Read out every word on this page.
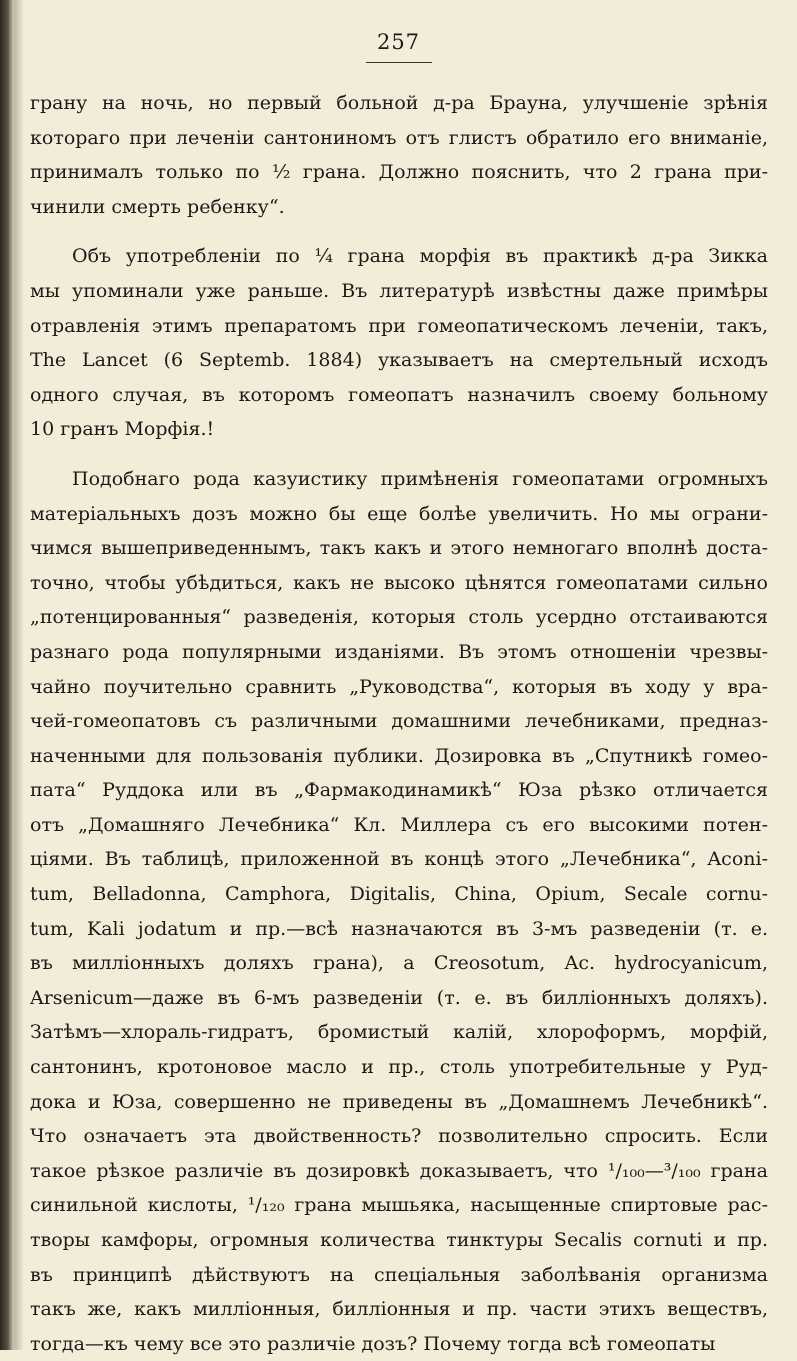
257
грану на ночь, но первый больной д-ра Брауна, улучшеніе зрѣнія
котораго при леченіи сантониномъ отъ глистъ обратило его вниманіе,
принималъ только по ½ грана. Должно пояснить, что 2 грана при-
чинили смерть ребенку“.
Объ употребленіи по ¼ грана морфія въ практикѣ д-ра Зикка
мы упоминали уже раньше. Въ литературѣ извѣстны даже примѣры
отравленія этимъ препаратомъ при гомеопатическомъ леченіи, такъ,
The Lancet (6 Septemb. 1884) указываетъ на смертельный исходъ
одного случая, въ которомъ гомеопатъ назначилъ своему больному
10 гранъ Морфія.!
Подобнаго рода казуистику примѣненія гомеопатами огромныхъ
матеріальныхъ дозъ можно бы еще болѣе увеличить. Но мы ограни-
чимся вышеприведеннымъ, такъ какъ и этого немногаго вполнѣ доста-
точно, чтобы убѣдиться, какъ не высоко цѣнятся гомеопатами сильно
„потенцированныя“ разведенія, которыя столь усердно отстаиваются
разнаго рода популярными изданіями. Въ этомъ отношеніи чрезвы-
чайно поучительно сравнить „Руководства“, которыя въ ходу у вра-
чей-гомеопатовъ съ различными домашними лечебниками, предназ-
наченными для пользованія публики. Дозировка въ „Спутникѣ гомео-
пата“ Руддока или въ „Фармакодинамикѣ“ Юза рѣзко отличается
отъ „Домашняго Лечебника“ Кл. Миллера съ его высокими потен-
ціями. Въ таблицѣ, приложенной въ концѣ этого „Лечебника“, Aconi-
tum, Belladonna, Camphora, Digitalis, China, Opium, Secale cornu-
tum, Kali jodatum и пр.—всѣ назначаются въ 3-мъ разведеніи (т. е.
въ милліонныхъ доляхъ грана), а Creosotum, Ac. hydrocyanicum,
Arsenicum—даже въ 6-мъ разведеніи (т. е. въ билліонныхъ доляхъ).
Затѣмъ—хлораль-гидратъ, бромистый калій, хлороформъ, морфій,
сантонинъ, кротоновое масло и пр., столь употребительные у Руд-
дока и Юза, совершенно не приведены въ „Домашнемъ Лечебникѣ“.
Что означаетъ эта двойственность? позволительно спросить. Если
такое рѣзкое различіе въ дозировкѣ доказываетъ, что ¹/₁₀₀—³/₁₀₀ грана
синильной кислоты, ¹/₁₂₀ грана мышьяка, насыщенные спиртовые рас-
творы камфоры, огромныя количества тинктуры Secalis cornuti и пр.
въ принципѣ дѣйствуютъ на спеціальныя заболѣванія организма
такъ же, какъ милліонныя, билліонныя и пр. части этихъ веществъ,
тогда—къ чему все это различіе дозъ? Почему тогда всѣ гомеопаты
